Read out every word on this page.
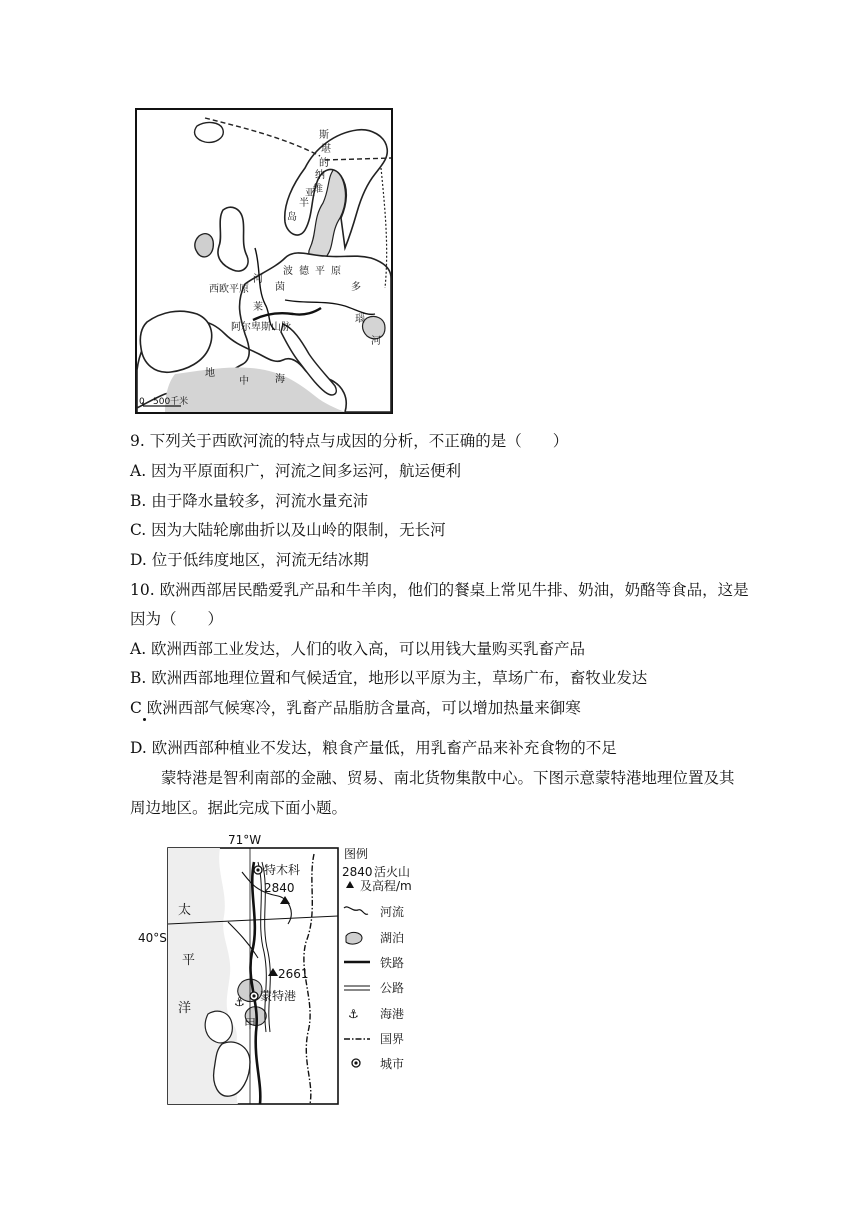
斯
堪
的
纳
维
亚
半
岛
波 德 平 原
多
瑙
河
河
西欧平原	茵
莱
阿尔卑斯山脉
地
中	海
0 500千米
9. 下列关于西欧河流的特点与成因的分析，不正确的是（　　）
A. 因为平原面积广，河流之间多运河，航运便利
B. 由于降水量较多，河流水量充沛
C. 因为大陆轮廓曲折以及山岭的限制，无长河
D. 位于低纬度地区，河流无结冰期
10. 欧洲西部居民酷爱乳产品和牛羊肉，他们的餐桌上常见牛排、奶油，奶酪等食品，这是
因为（　　）
A. 欧洲西部工业发达，人们的收入高，可以用钱大量购买乳畜产品
B. 欧洲西部地理位置和气候适宜，地形以平原为主，草场广布，畜牧业发达
C 欧洲西部气候寒冷，乳畜产品脂肪含量高，可以增加热量来御寒
D. 欧洲西部种植业不发达，粮食产量低，用乳畜产品来补充食物的不足
蒙特港是智利南部的金融、贸易、南北货物集散中心。下图示意蒙特港地理位置及其周边地区。据此完成下面小题。
⚓
71°W
40°S
特木科
2840
2661
蒙特港
太
平
洋
甲
图例
2840 活火山
及高程/m
河流
湖泊
铁路
公路
⚓ 海港
国界
城市
